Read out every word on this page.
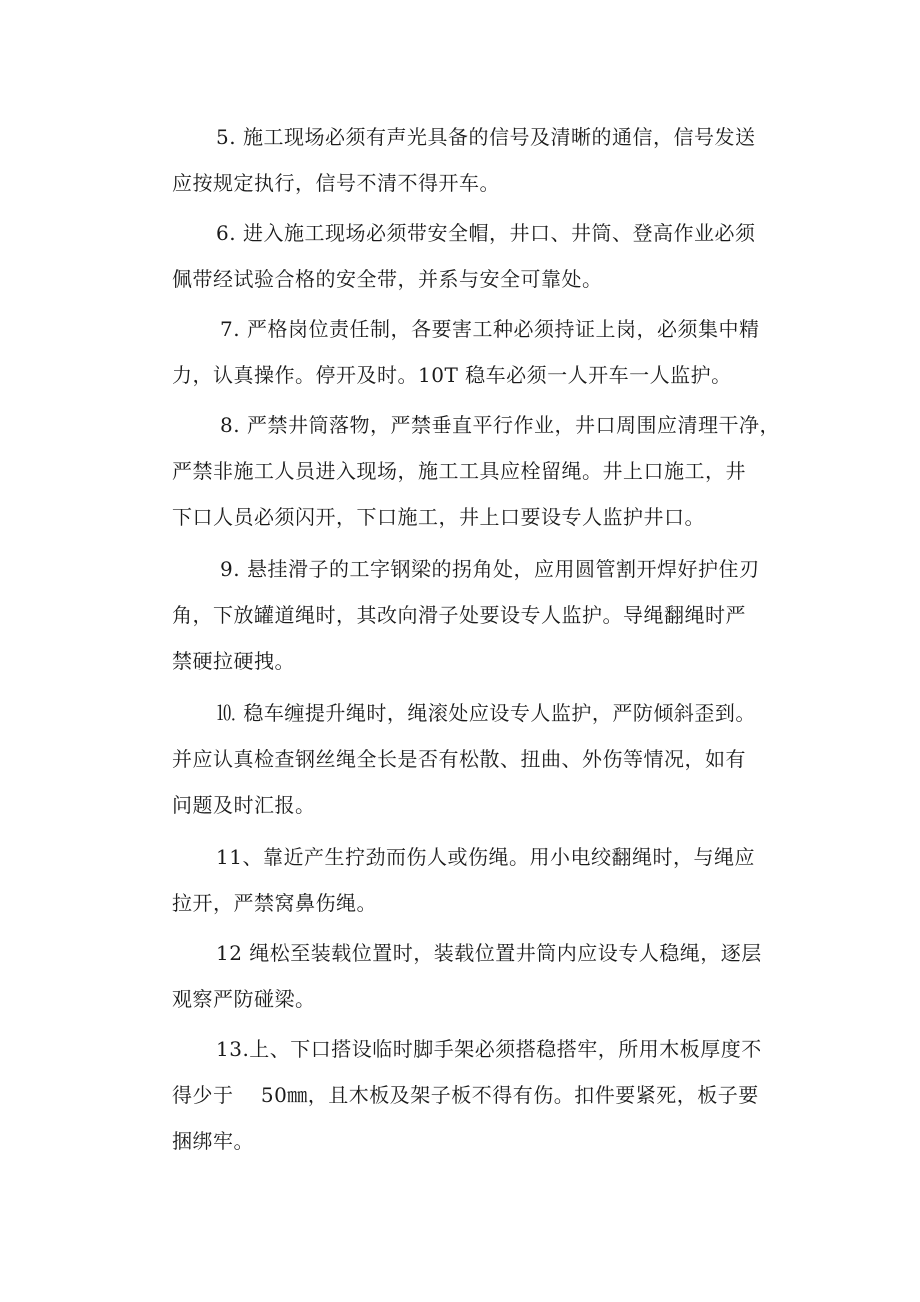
5. 施工现场必须有声光具备的信号及清晰的通信，信号发送
应按规定执行，信号不清不得开车。

6. 进入施工现场必须带安全帽，井口、井筒、登高作业必须
佩带经试验合格的安全带，并系与安全可靠处。

7. 严格岗位责任制，各要害工种必须持证上岗，必须集中精
力，认真操作。停开及时。10T 稳车必须一人开车一人监护。

8. 严禁井筒落物，严禁垂直平行作业，井口周围应清理干净，
严禁非施工人员进入现场，施工工具应栓留绳。井上口施工，井
下口人员必须闪开，下口施工，井上口要设专人监护井口。

9. 悬挂滑子的工字钢梁的拐角处，应用圆管割开焊好护住刃
角，下放罐道绳时，其改向滑子处要设专人监护。导绳翻绳时严
禁硬拉硬拽。

⒑ 稳车缠提升绳时，绳滚处应设专人监护，严防倾斜歪到。
并应认真检查钢丝绳全长是否有松散、扭曲、外伤等情况，如有
问题及时汇报。

11、靠近产生拧劲而伤人或伤绳。用小电绞翻绳时，与绳应
拉开，严禁窝鼻伤绳。

12 绳松至装载位置时，装载位置井筒内应设专人稳绳，逐层
观察严防碰梁。

13.上、下口搭设临时脚手架必须搭稳搭牢，所用木板厚度不
得少于　 50㎜，且木板及架子板不得有伤。扣件要紧死，板子要
捆绑牢。
